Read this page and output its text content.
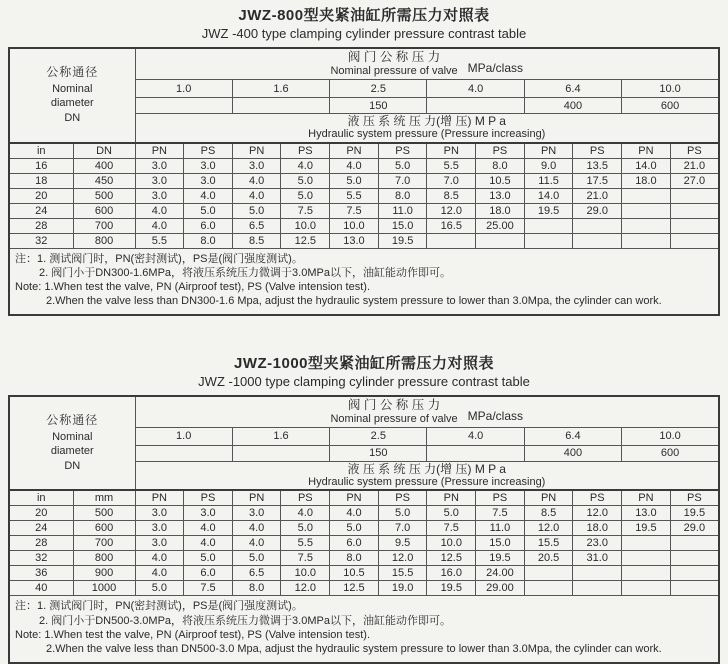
JWZ-800型夹紧油缸所需压力对照表
JWZ -400 type clamping cylinder pressure contrast table
公称通径
Nominal
diameter
DN

阀 门 公 称 压 力
Nominal pressure of valve MPa/class

		1.0		1.6		2.5		4.0		6.4		10.0	
						150				400		600	

		液 压 系 统 压 力(增 压) M P a
Hydraulic system pressure (Pressure increasing)											

in	DN	PN	PS	PN	PS	PN	PS	PN	PS	PN	PS	PN	PS
16	400	3.0	3.0	3.0	4.0	4.0	5.0	5.5	8.0	9.0	13.5	14.0	21.0
18	450	3.0	3.0	4.0	5.0	5.0	7.0	7.0	10.5	11.5	17.5	18.0	27.0
20	500	3.0	4.0	4.0	5.0	5.5	8.0	8.5	13.0	14.0	21.0		
24	600	4.0	5.0	5.0	7.5	7.5	11.0	12.0	18.0	19.5	29.0		
28	700	4.0	6.0	6.5	10.0	10.0	15.0	16.5	25.00				
32	800	5.5	8.0	8.5	12.5	13.0	19.5						

注：1. 测试阀门时，PN(密封测试)，PS是(阀门强度测试)。
2. 阀门小于DN300-1.6MPa，将液压系统压力微调于3.0MPa以下，油缸能动作即可。
Note: 1.When test the valve, PN (Airproof test), PS (Valve intension test).
2.When the valve less than DN300-1.6 Mpa, adjust the hydraulic system pressure to lower than 3.0Mpa, the cylinder can work.													
JWZ-1000型夹紧油缸所需压力对照表
JWZ -1000 type clamping cylinder pressure contrast table
公称通径
Nominal
diameter
DN

阀 门 公 称 压 力
Nominal pressure of valve MPa/class

		1.0		1.6		2.5		4.0		6.4		10.0	
						150				400		600	

		液 压 系 统 压 力(增 压) M P a
Hydraulic system pressure (Pressure increasing)											

in	mm	PN	PS	PN	PS	PN	PS	PN	PS	PN	PS	PN	PS
20	500	3.0	3.0	3.0	4.0	4.0	5.0	5.0	7.5	8.5	12.0	13.0	19.5
24	600	3.0	4.0	4.0	5.0	5.0	7.0	7.5	11.0	12.0	18.0	19.5	29.0
28	700	3.0	4.0	4.0	5.5	6.0	9.5	10.0	15.0	15.5	23.0		
32	800	4.0	5.0	5.0	7.5	8.0	12.0	12.5	19.5	20.5	31.0		
36	900	4.0	6.0	6.5	10.0	10.5	15.5	16.0	24.00				
40	1000	5.0	7.5	8.0	12.0	12.5	19.0	19.5	29.00				

注：1. 测试阀门时，PN(密封测试)，PS是(阀门强度测试)。
2. 阀门小于DN500-3.0MPa，将液压系统压力微调于3.0MPa以下，油缸能动作即可。
Note: 1.When test the valve, PN (Airproof test), PS (Valve intension test).
2.When the valve less than DN500-3.0 Mpa, adjust the hydraulic system pressure to lower than 3.0Mpa, the cylinder can work.													
